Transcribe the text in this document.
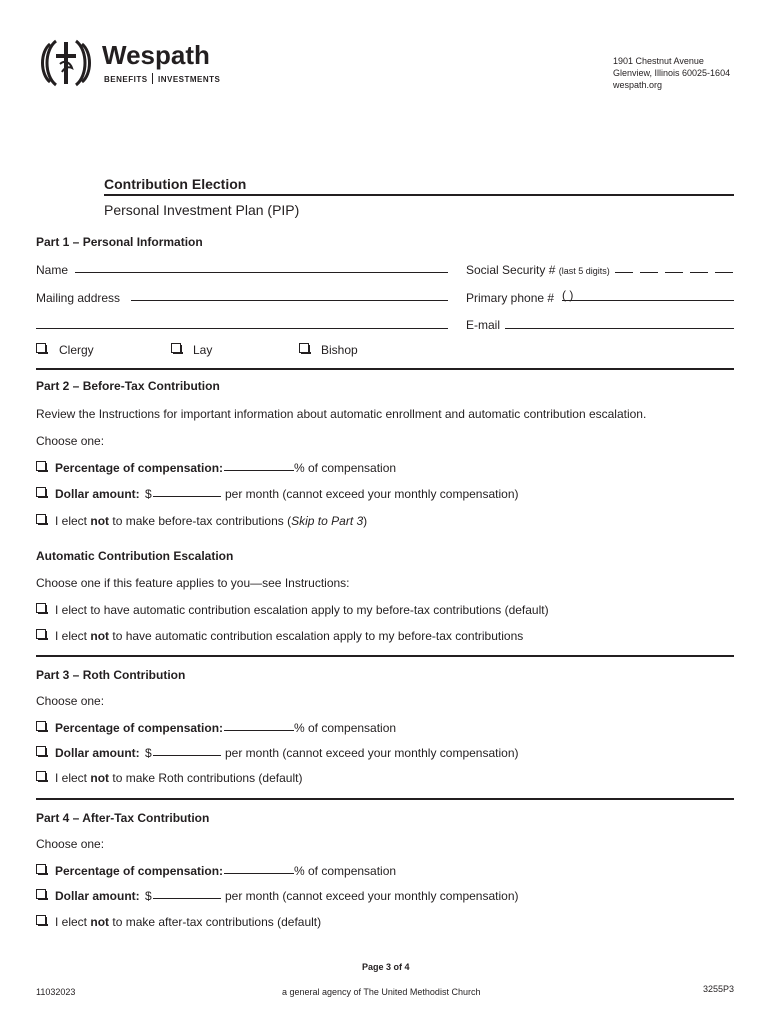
Wespath
BENEFITS INVESTMENTS
1901 Chestnut Avenue
Glenview, Illinois 60025-1604
wespath.org
Contribution Election
Personal Investment Plan (PIP)
Part 1 – Personal Information
Name	Social Security # (last 5 digits)
Mailing address	Primary phone # ( )
E-mail
Clergy	Lay	Bishop
Part 2 – Before-Tax Contribution
Review the Instructions for important information about automatic enrollment and automatic contribution escalation.
Choose one:
Percentage of compensation:	% of compensation
Dollar amount: $	per month (cannot exceed your monthly compensation)
I elect not to make before-tax contributions (Skip to Part 3)
Automatic Contribution Escalation
Choose one if this feature applies to you—see Instructions:
I elect to have automatic contribution escalation apply to my before-tax contributions (default)
I elect not to have automatic contribution escalation apply to my before-tax contributions
Part 3 – Roth Contribution
Choose one:
Percentage of compensation:	% of compensation
Dollar amount: $	per month (cannot exceed your monthly compensation)
I elect not to make Roth contributions (default)
Part 4 – After-Tax Contribution
Choose one:
Percentage of compensation:	% of compensation
Dollar amount: $	per month (cannot exceed your monthly compensation)
I elect not to make after-tax contributions (default)
Page 3 of 4
11032023	a general agency of The United Methodist Church	3255P3
